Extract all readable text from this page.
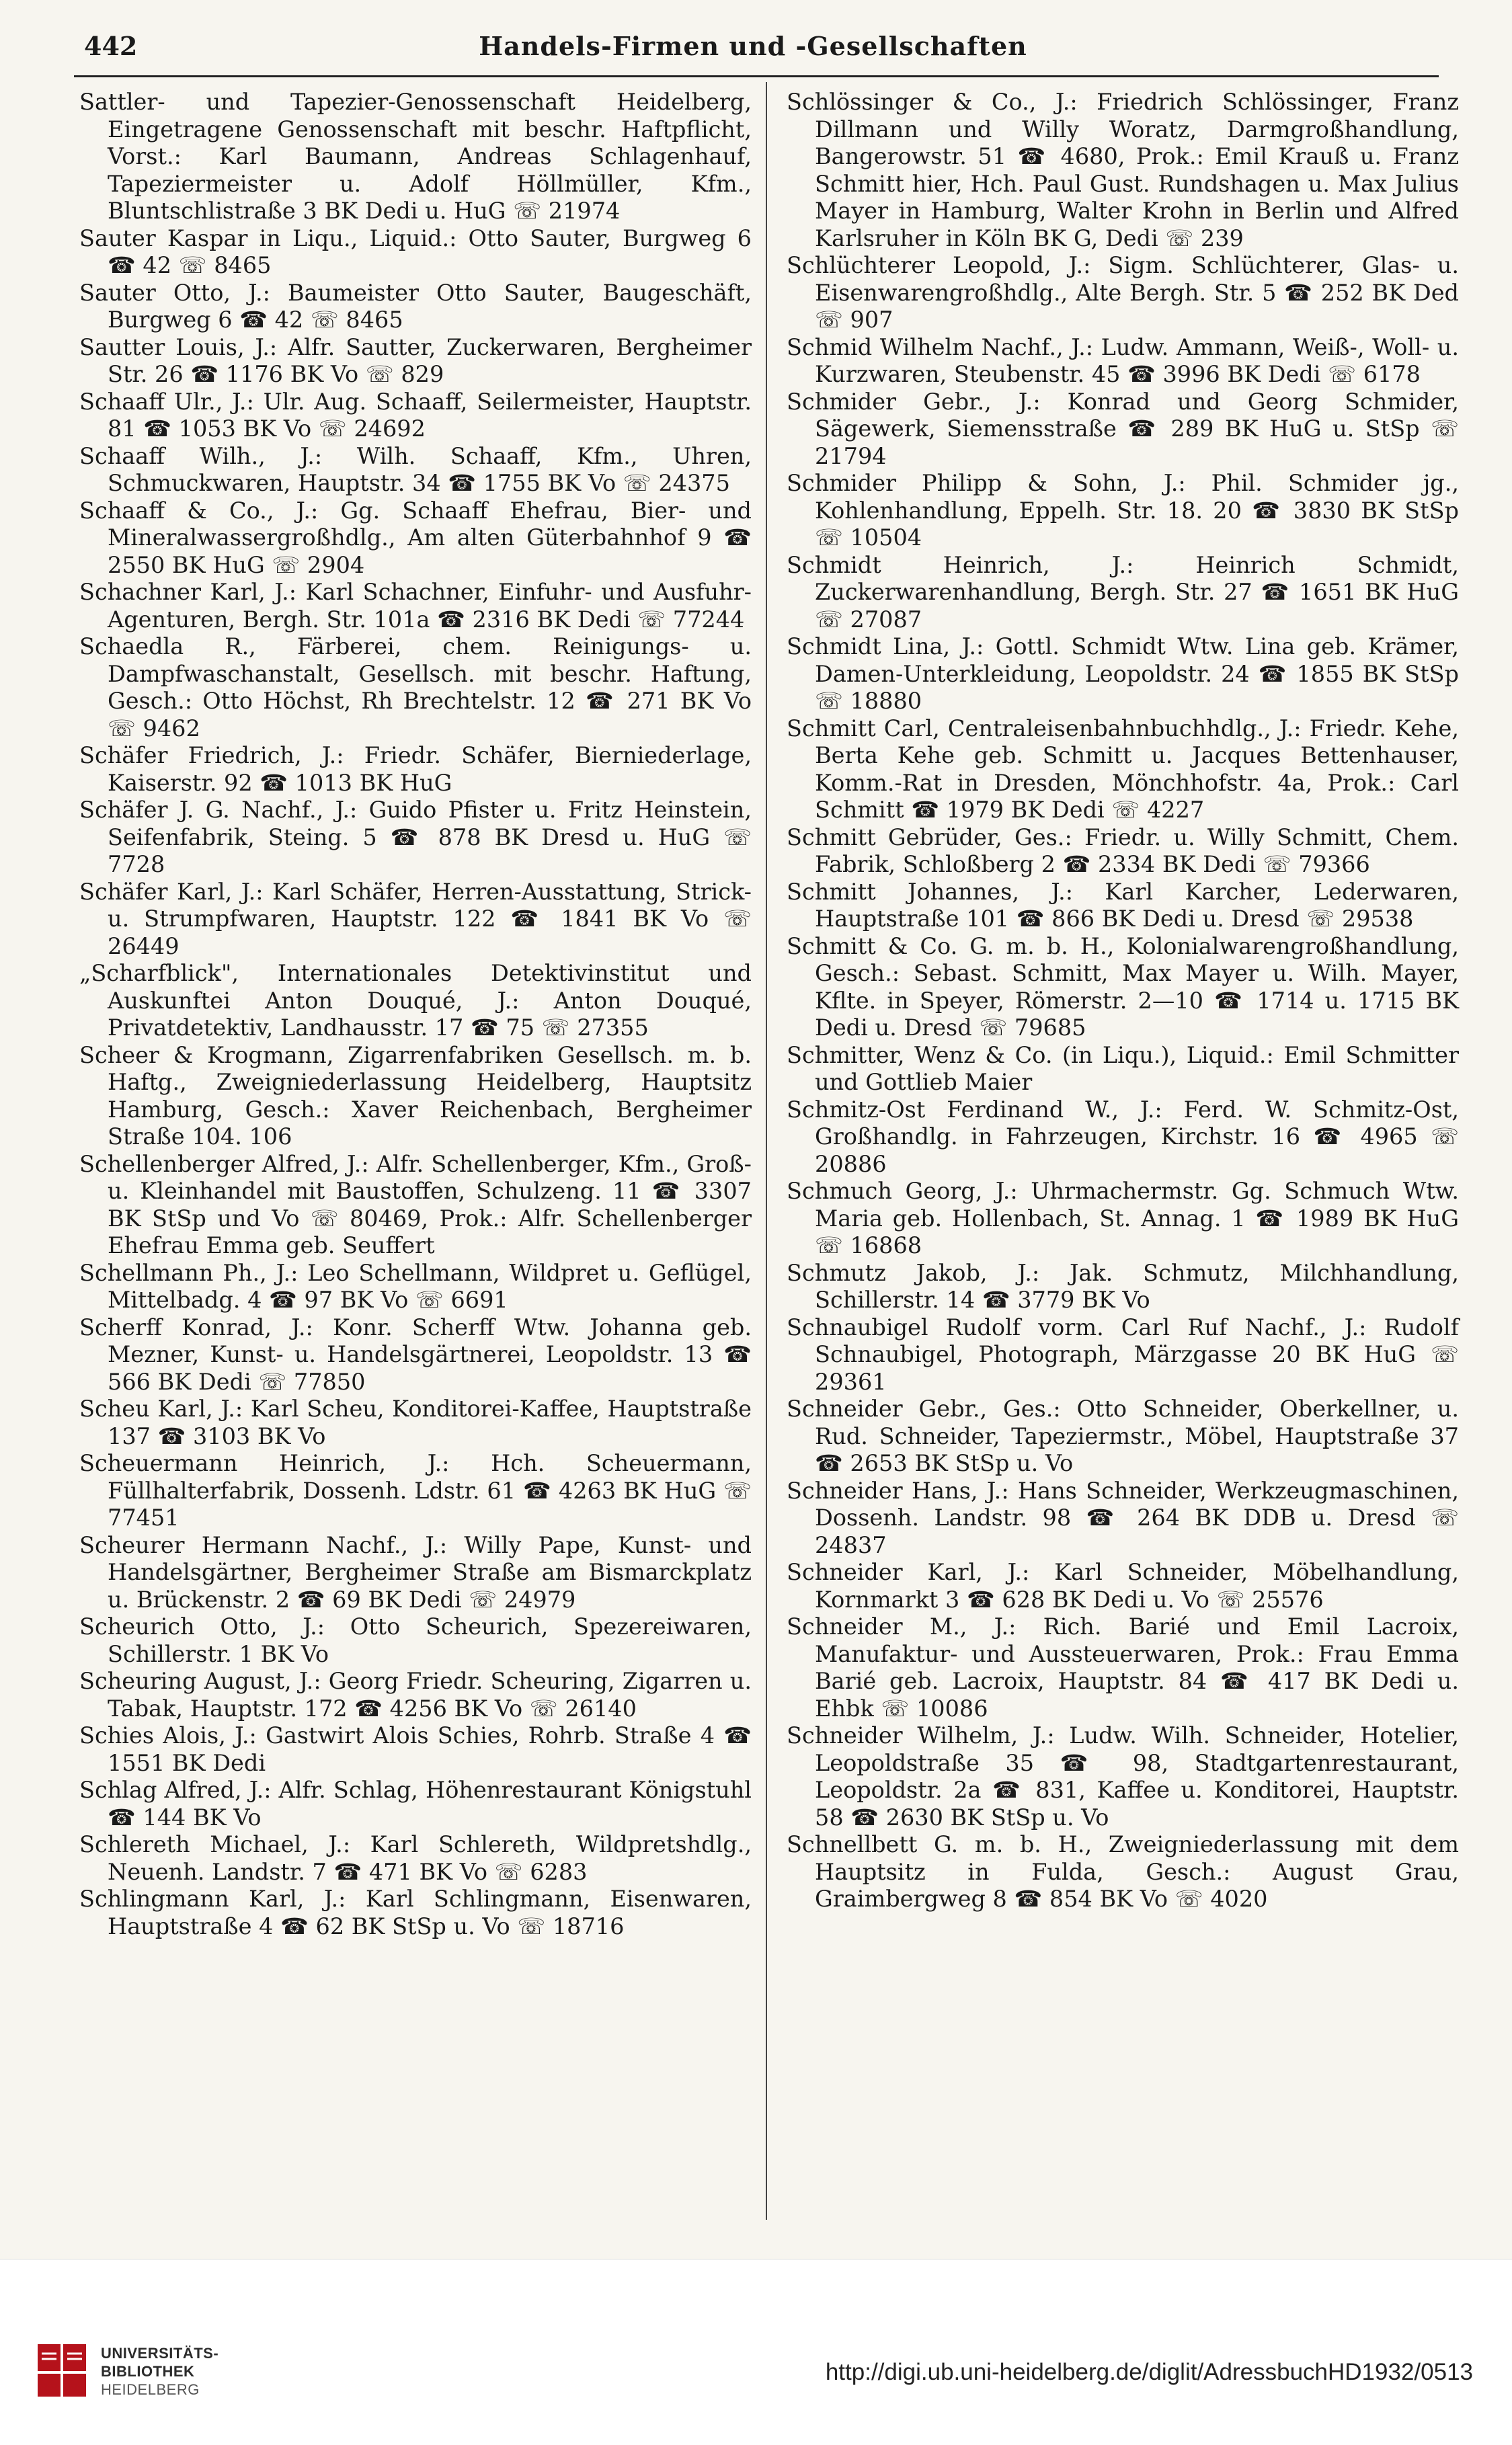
442	Handels-Firmen und -Gesellschaften

Sattler- und Tapezier-Genossenschaft Heidelberg, Eingetragene Genossenschaft mit beschr. Haftpflicht, Vorst.: Karl Baumann, Andreas Schlagenhauf, Tapeziermeister u. Adolf Höllmüller, Kfm., Bluntschlistraße 3 BK Dedi u. HuG ☏ 21974

Sauter Kaspar in Liqu., Liquid.: Otto Sauter, Burgweg 6 ☎ 42 ☏ 8465

Sauter Otto, J.: Baumeister Otto Sauter, Baugeschäft, Burgweg 6 ☎ 42 ☏ 8465

Sautter Louis, J.: Alfr. Sautter, Zuckerwaren, Bergheimer Str. 26 ☎ 1176 BK Vo ☏ 829

Schaaff Ulr., J.: Ulr. Aug. Schaaff, Seilermeister, Hauptstr. 81 ☎ 1053 BK Vo ☏ 24692

Schaaff Wilh., J.: Wilh. Schaaff, Kfm., Uhren, Schmuckwaren, Hauptstr. 34 ☎ 1755 BK Vo ☏ 24375

Schaaff & Co., J.: Gg. Schaaff Ehefrau, Bier- und Mineralwassergroßhdlg., Am alten Güterbahnhof 9 ☎ 2550 BK HuG ☏ 2904

Schachner Karl, J.: Karl Schachner, Einfuhr- und Ausfuhr-Agenturen, Bergh. Str. 101a ☎ 2316 BK Dedi ☏ 77244

Schaedla R., Färberei, chem. Reinigungs- u. Dampfwaschanstalt, Gesellsch. mit beschr. Haftung, Gesch.: Otto Höchst, Rh Brechtelstr. 12 ☎ 271 BK Vo ☏ 9462

Schäfer Friedrich, J.: Friedr. Schäfer, Bierniederlage, Kaiserstr. 92 ☎ 1013 BK HuG

Schäfer J. G. Nachf., J.: Guido Pfister u. Fritz Heinstein, Seifenfabrik, Steing. 5 ☎ 878 BK Dresd u. HuG ☏ 7728

Schäfer Karl, J.: Karl Schäfer, Herren-Ausstattung, Strick- u. Strumpfwaren, Hauptstr. 122 ☎ 1841 BK Vo ☏ 26449

„Scharfblick", Internationales Detektivinstitut und Auskunftei Anton Douqué, J.: Anton Douqué, Privatdetektiv, Landhausstr. 17 ☎ 75 ☏ 27355

Scheer & Krogmann, Zigarrenfabriken Gesellsch. m. b. Haftg., Zweigniederlassung Heidelberg, Hauptsitz Hamburg, Gesch.: Xaver Reichenbach, Bergheimer Straße 104. 106

Schellenberger Alfred, J.: Alfr. Schellenberger, Kfm., Groß- u. Kleinhandel mit Baustoffen, Schulzeng. 11 ☎ 3307 BK StSp und Vo ☏ 80469, Prok.: Alfr. Schellenberger Ehefrau Emma geb. Seuffert

Schellmann Ph., J.: Leo Schellmann, Wildpret u. Geflügel, Mittelbadg. 4 ☎ 97 BK Vo ☏ 6691

Scherff Konrad, J.: Konr. Scherff Wtw. Johanna geb. Mezner, Kunst- u. Handelsgärtnerei, Leopoldstr. 13 ☎ 566 BK Dedi ☏ 77850

Scheu Karl, J.: Karl Scheu, Konditorei-Kaffee, Hauptstraße 137 ☎ 3103 BK Vo

Scheuermann Heinrich, J.: Hch. Scheuermann, Füllhalterfabrik, Dossenh. Ldstr. 61 ☎ 4263 BK HuG ☏ 77451

Scheurer Hermann Nachf., J.: Willy Pape, Kunst- und Handelsgärtner, Bergheimer Straße am Bismarckplatz u. Brückenstr. 2 ☎ 69 BK Dedi ☏ 24979

Scheurich Otto, J.: Otto Scheurich, Spezereiwaren, Schillerstr. 1 BK Vo

Scheuring August, J.: Georg Friedr. Scheuring, Zigarren u. Tabak, Hauptstr. 172 ☎ 4256 BK Vo ☏ 26140

Schies Alois, J.: Gastwirt Alois Schies, Rohrb. Straße 4 ☎ 1551 BK Dedi

Schlag Alfred, J.: Alfr. Schlag, Höhenrestaurant Königstuhl ☎ 144 BK Vo

Schlereth Michael, J.: Karl Schlereth, Wildpretshdlg., Neuenh. Landstr. 7 ☎ 471 BK Vo ☏ 6283

Schlingmann Karl, J.: Karl Schlingmann, Eisenwaren, Hauptstraße 4 ☎ 62 BK StSp u. Vo ☏ 18716

Schlössinger & Co., J.: Friedrich Schlössinger, Franz Dillmann und Willy Woratz, Darmgroßhandlung, Bangerowstr. 51 ☎ 4680, Prok.: Emil Krauß u. Franz Schmitt hier, Hch. Paul Gust. Rundshagen u. Max Julius Mayer in Hamburg, Walter Krohn in Berlin und Alfred Karlsruher in Köln BK G, Dedi ☏ 239

Schlüchterer Leopold, J.: Sigm. Schlüchterer, Glas- u. Eisenwarengroßhdlg., Alte Bergh. Str. 5 ☎ 252 BK Ded ☏ 907

Schmid Wilhelm Nachf., J.: Ludw. Ammann, Weiß-, Woll- u. Kurzwaren, Steubenstr. 45 ☎ 3996 BK Dedi ☏ 6178

Schmider Gebr., J.: Konrad und Georg Schmider, Sägewerk, Siemensstraße ☎ 289 BK HuG u. StSp ☏ 21794

Schmider Philipp & Sohn, J.: Phil. Schmider jg., Kohlenhandlung, Eppelh. Str. 18. 20 ☎ 3830 BK StSp ☏ 10504

Schmidt Heinrich, J.: Heinrich Schmidt, Zuckerwarenhandlung, Bergh. Str. 27 ☎ 1651 BK HuG ☏ 27087

Schmidt Lina, J.: Gottl. Schmidt Wtw. Lina geb. Krämer, Damen-Unterkleidung, Leopoldstr. 24 ☎ 1855 BK StSp ☏ 18880

Schmitt Carl, Centraleisenbahnbuchhdlg., J.: Friedr. Kehe, Berta Kehe geb. Schmitt u. Jacques Bettenhauser, Komm.-Rat in Dresden, Mönchhofstr. 4a, Prok.: Carl Schmitt ☎ 1979 BK Dedi ☏ 4227

Schmitt Gebrüder, Ges.: Friedr. u. Willy Schmitt, Chem. Fabrik, Schloßberg 2 ☎ 2334 BK Dedi ☏ 79366

Schmitt Johannes, J.: Karl Karcher, Lederwaren, Hauptstraße 101 ☎ 866 BK Dedi u. Dresd ☏ 29538

Schmitt & Co. G. m. b. H., Kolonialwarengroßhandlung, Gesch.: Sebast. Schmitt, Max Mayer u. Wilh. Mayer, Kflte. in Speyer, Römerstr. 2—10 ☎ 1714 u. 1715 BK Dedi u. Dresd ☏ 79685

Schmitter, Wenz & Co. (in Liqu.), Liquid.: Emil Schmitter und Gottlieb Maier

Schmitz-Ost Ferdinand W., J.: Ferd. W. Schmitz-Ost, Großhandlg. in Fahrzeugen, Kirchstr. 16 ☎ 4965 ☏ 20886

Schmuch Georg, J.: Uhrmachermstr. Gg. Schmuch Wtw. Maria geb. Hollenbach, St. Annag. 1 ☎ 1989 BK HuG ☏ 16868

Schmutz Jakob, J.: Jak. Schmutz, Milchhandlung, Schillerstr. 14 ☎ 3779 BK Vo

Schnaubigel Rudolf vorm. Carl Ruf Nachf., J.: Rudolf Schnaubigel, Photograph, Märzgasse 20 BK HuG ☏ 29361

Schneider Gebr., Ges.: Otto Schneider, Oberkellner, u. Rud. Schneider, Tapeziermstr., Möbel, Hauptstraße 37 ☎ 2653 BK StSp u. Vo

Schneider Hans, J.: Hans Schneider, Werkzeugmaschinen, Dossenh. Landstr. 98 ☎ 264 BK DDB u. Dresd ☏ 24837

Schneider Karl, J.: Karl Schneider, Möbelhandlung, Kornmarkt 3 ☎ 628 BK Dedi u. Vo ☏ 25576

Schneider M., J.: Rich. Barié und Emil Lacroix, Manufaktur- und Aussteuerwaren, Prok.: Frau Emma Barié geb. Lacroix, Hauptstr. 84 ☎ 417 BK Dedi u. Ehbk ☏ 10086

Schneider Wilhelm, J.: Ludw. Wilh. Schneider, Hotelier, Leopoldstraße 35 ☎ 98, Stadtgartenrestaurant, Leopoldstr. 2a ☎ 831, Kaffee u. Konditorei, Hauptstr. 58 ☎ 2630 BK StSp u. Vo

Schnellbett G. m. b. H., Zweigniederlassung mit dem Hauptsitz in Fulda, Gesch.: August Grau, Graimbergweg 8 ☎ 854 BK Vo ☏ 4020

UNIVERSITÄTS-
BIBLIOTHEK
HEIDELBERG
http://digi.ub.uni-heidelberg.de/diglit/AdressbuchHD1932/0513
